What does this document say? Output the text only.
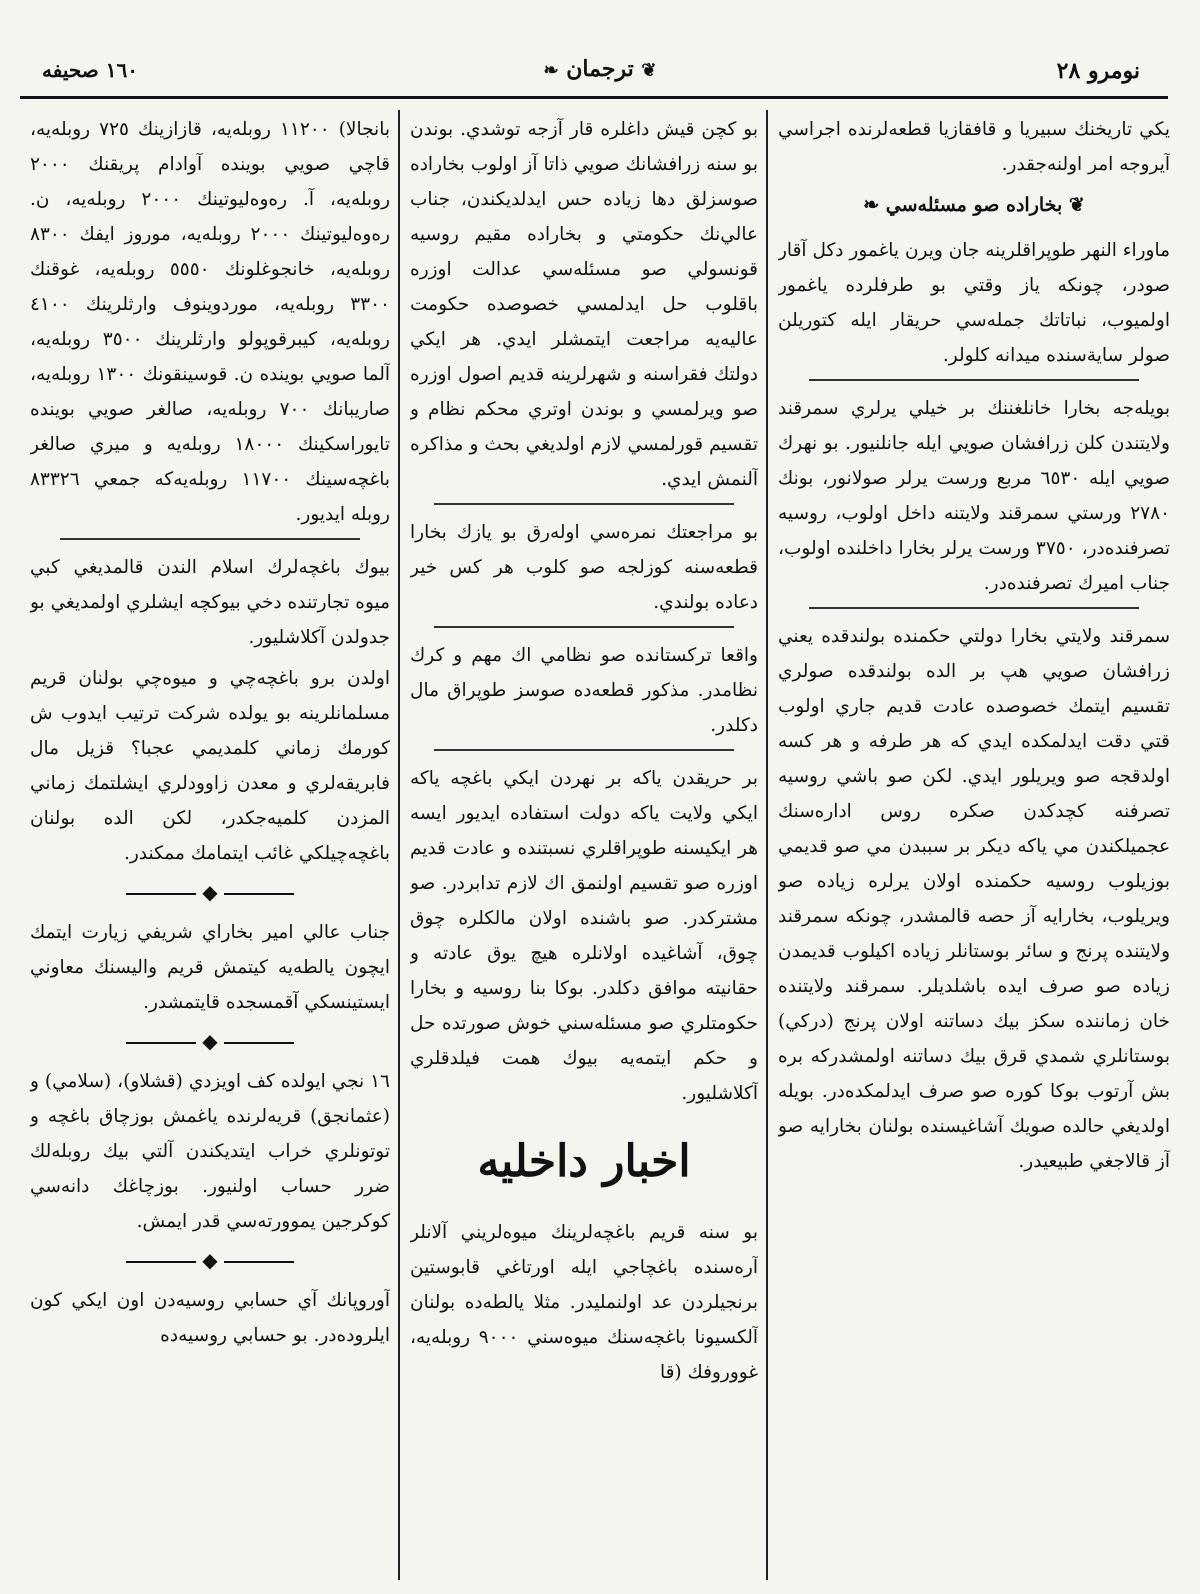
١٦٠ صحيفه	❦ ترجمان ❧	نومرو ٢٨

يكي تاريخنك سبيريا و قافقازيا قطعه‌لرنده اجراسي آيروجه امر اولنه‌جقدر.

❦ بخاراده صو مسئله‌سي ❧

ماوراء النهر طوپراقلرينه جان ويرن ياغمور دكل آقار صودر، چونكه ياز وقتي بو طرفلرده ياغمور اولميوب، نباتاتك جمله‌سي حريقار ايله كتوريلن صولر ساية‌سنده ميدانه كلولر.

بويله‌جه بخارا خانلغننك بر خيلي يرلري سمرقند ولايتندن كلن زرافشان صويي ايله جانلنيور. بو نهرك صويي ايله ٦٥٣٠ مربع ورست يرلر صولانور، بونك ٢٧٨٠ ورستي سمرقند ولايتنه داخل اولوب، روسيه تصرفنده‌در، ٣٧٥٠ ورست يرلر بخارا داخلنده اولوب، جناب اميرك تصرفنده‌در.

سمرقند ولايتي بخارا دولتي حكمنده بولندقده يعني زرافشان صويي هپ بر الده بولندقده صولري تقسيم ايتمك خصوصده عادت قديم جاري اولوب قتي دقت ايدلمكده ايدي كه هر طرفه و هر كسه اولدقجه صو ويريلور ايدي. لكن صو باشي روسيه تصرفنه كچدكدن صكره روس اداره‌سنك عجميلكندن مي ياكه ديكر بر سببدن مي صو قديمي بوزيلوب روسيه حكمنده اولان يرلره زياده صو ويريلوب، بخارايه آز حصه قالمشدر، چونكه سمرقند ولايتنده پرنج و سائر بوستانلر زياده اكيلوب قديمدن زياده صو صرف ايده باشلديلر. سمرقند ولايتنده خان زماننده سكز بيك دساتنه اولان پرنج (دركي) بوستانلري شمدي قرق بيك دساتنه اولمشدركه بره بش آرتوب بوكا كوره صو صرف ايدلمكده‌در. بويله اولديغي حالده صويك آشاغيسنده بولنان بخارايه صو آز قالاجغي طبيعيدر.

بو كچن قيش داغلره قار آزجه توشدي. بوندن بو سنه زرافشانك صويي ذاتا آز اولوب بخاراده صوسزلق دها زياده حس ايدلديكندن، جناب عالي‌نك حكومتي و بخاراده مقيم روسيه قونسولي صو مسئله‌سي عدالت اوزره باقلوب حل ايدلمسي خصوصده حكومت عاليه‌يه مراجعت ايتمشلر ايدي. هر ايكي دولتك فقراسنه و شهرلرينه قديم اصول اوزره صو ويرلمسي و بوندن اوتري محكم نظام و تقسيم قورلمسي لازم اولديغي بحث و مذاكره آلنمش ايدي.

بو مراجعتك نمره‌سي اوله‌رق بو يازك بخارا قطعه‌سنه كوزلجه صو كلوب هر كس خير دعاده بولندي.

واقعا تركستانده صو نظامي اك مهم و كرك نظامدر. مذكور قطعه‌ده صوسز طوپراق مال دكلدر.

بر حريقدن ياكه بر نهردن ايكي باغچه ياكه ايكي ولايت ياكه دولت استفاده ايديور ايسه هر ايكيسنه طوپراقلري نسبتنده و عادت قديم اوزره صو تقسيم اولنمق اك لازم تدابردر. صو مشتركدر. صو باشنده اولان مالكلره چوق چوق، آشاغيده اولانلره هيچ يوق عادته و حقانيته موافق دكلدر. بوكا بنا روسيه و بخارا حكومتلري صو مسئله‌سني خوش صورتده حل و حكم ايتمه‌يه بيوك همت فيلدقلري آكلاشليور.

اخبار داخليه

بو سنه قريم باغچه‌لرينك ميوه‌لريني آلانلر آره‌سنده باغچاجي ايله اورتاغي قابوستين برنجيلردن عد اولنمليدر. مثلا يالطه‌ده بولنان آلكسيونا باغچه‌سنك ميوه‌سني ٩٠٠٠ روبله‌يه، غووروفك (قا

بانجالا) ١١٢٠٠ روبله‌يه، قازازينك ٧٢٥ روبله‌يه، قاچي صويي بوينده آوادام پريقنك ٢٠٠٠ روبله‌يه، آ. ره‌وه‌ليوتينك ٢٠٠٠ روبله‌يه، ن. ره‌وه‌ليوتينك ٢٠٠٠ روبله‌يه، موروز ايفك ٨٣٠٠ روبله‌يه، خانجوغلونك ٥٥٥٠ روبله‌يه، غوقنك ٣٣٠٠ روبله‌يه، موردوينوف وارثلرينك ٤١٠٠ روبله‌يه، كيبرقوپولو وارثلرينك ٣٥٠٠ روبله‌يه، آلما صويي بوينده ن. قوسينقونك ١٣٠٠ روبله‌يه، صاريبانك ٧٠٠ روبله‌يه، صالغر صويي بوينده تايوراسكينك ١٨٠٠٠ روبله‌يه و ميري صالغر باغچه‌سينك ١١٧٠٠ روبله‌يه‌كه جمعي ٨٣٣٢٦ روبله ايديور.

بيوك باغچه‌لرك اسلام الندن قالمديغي كبي ميوه تجارتنده دخي بيوكچه ايشلري اولمديغي بو جدولدن آكلاشليور.

اولدن برو باغچه‌چي و ميوه‌چي بولنان قريم مسلمانلرينه بو يولده شركت ترتيب ايدوب ش كورمك زماني كلمديمي عجبا؟ قزيل مال فابريقه‌لري و معدن زاوودلري ايشلتمك زماني المزدن كلميه‌جكدر، لكن الده بولنان باغچه‌چيلكي غائب ايتمامك ممكندر.

◆

جناب عالي امير بخاراي شريفي زيارت ايتمك ايچون يالطه‌يه كيتمش قريم واليسنك معاوني ايستينسكي آقمسجده قايتمشدر.

◆

١٦ نجي ايولده كف اويزدي (قشلاو)، (سلامي) و (عثمانجق) قريه‌لرنده ياغمش بوزچاق باغچه و توتونلري خراب ايتديكندن آلتي بيك روبله‌لك ضرر حساب اولنيور. بوزچاغك دانه‌سي كوكرجين يموورته‌سي قدر ايمش.

◆

آوروپانك آي حسابي روسيه‌دن اون ايكي كون ايلرودەدر. بو حسابي روسيه‌ده
